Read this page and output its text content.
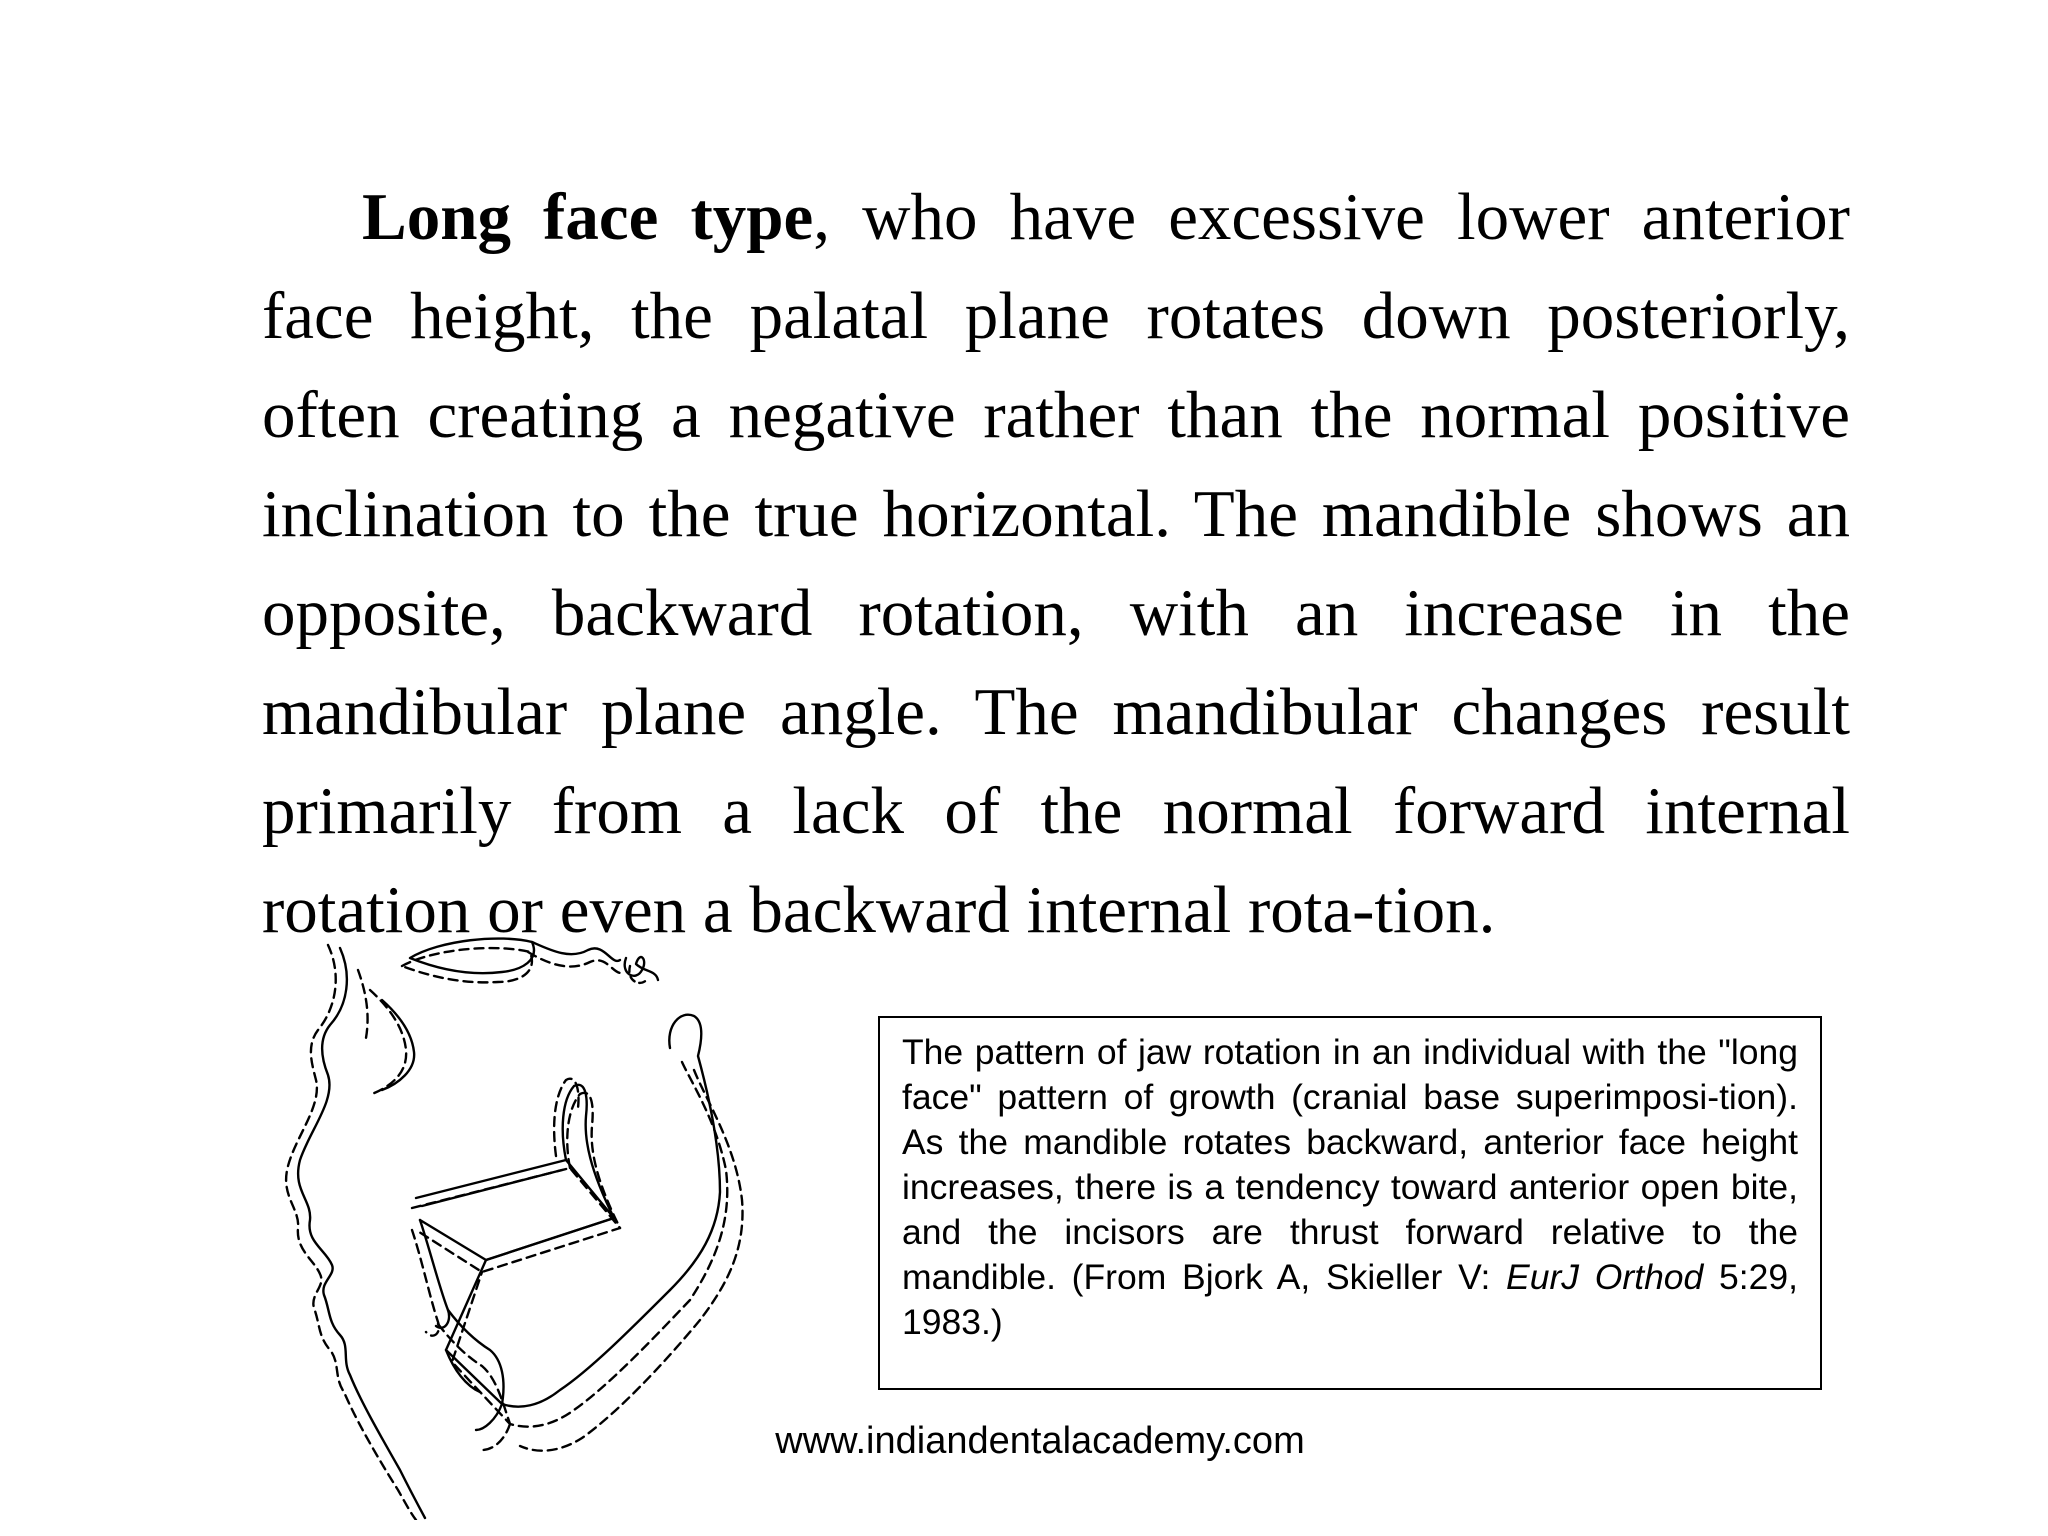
Long face type, who have excessive lower anterior face height, the palatal plane rotates down posteriorly, often creating a negative rather than the normal positive inclination to the true horizontal. The mandible shows an opposite, backward rotation, with an increase in the mandibular plane angle. The mandibular changes result primarily from a lack of the normal forward internal rotation or even a backward internal rota-tion.

The pattern of jaw rotation in an individual with the "long face" pattern of growth (cranial base superimposi-tion). As the mandible rotates backward, anterior face height increases, there is a tendency toward anterior open bite, and the incisors are thrust forward relative to the mandible. (From Bjork A, Skieller V: EurJ Orthod 5:29, 1983.)

www.indiandentalacademy.com
